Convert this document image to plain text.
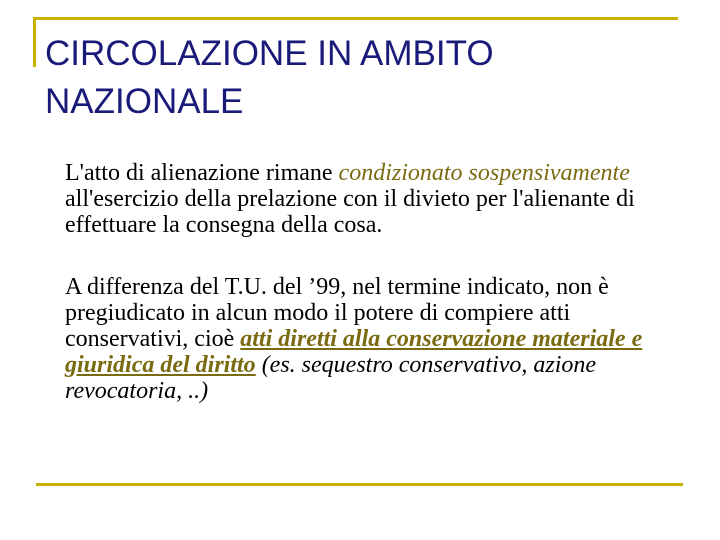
CIRCOLAZIONE IN AMBITO
NAZIONALE

L'atto di alienazione rimane condizionato sospensivamente all'esercizio della prelazione con il divieto per l'alienante di effettuare la consegna della cosa.

A differenza del T.U. del ’99, nel termine indicato, non è pregiudicato in alcun modo il potere di compiere atti conservativi, cioè atti diretti alla conservazione materiale e giuridica del diritto (es. sequestro conservativo, azione revocatoria, ..)
